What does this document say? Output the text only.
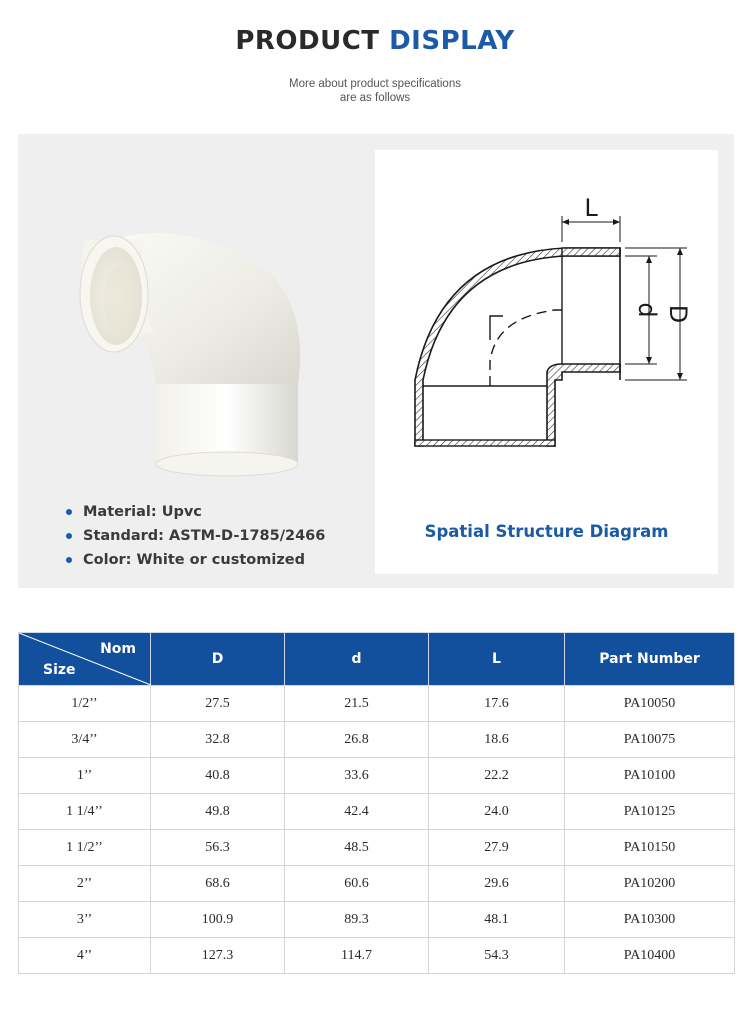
PRODUCT DISPLAY
More about product specifications
are as follows
Material: Upvc
Standard: ASTM-D-1785/2466
Color: White or customized
L
d D
Spatial Structure Diagram
Nom
Size	D	d	L	Part Number
1/2’’	27.5	21.5	17.6	PA10050
3/4’’	32.8	26.8	18.6	PA10075
1’’	40.8	33.6	22.2	PA10100
1 1/4’’	49.8	42.4	24.0	PA10125
1 1/2’’	56.3	48.5	27.9	PA10150
2’’	68.6	60.6	29.6	PA10200
3’’	100.9	89.3	48.1	PA10300
4’’	127.3	114.7	54.3	PA10400
